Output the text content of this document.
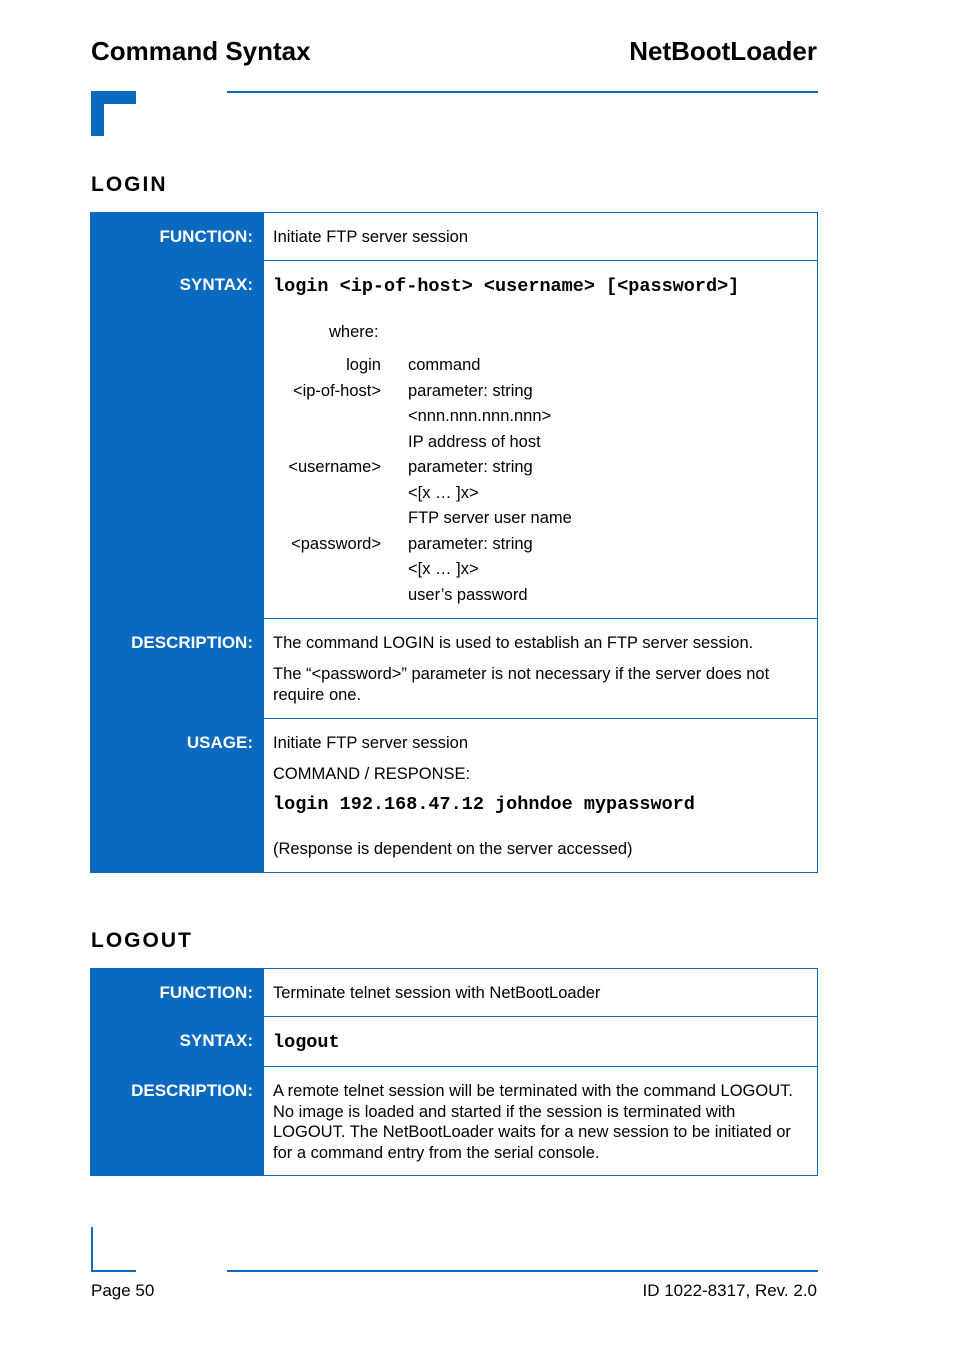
Command Syntax	NetBootLoader
LOGIN
FUNCTION:	Initiate FTP server session
SYNTAX:	login <ip-of-host> <username> [<password>]
where:
login	command

<ip-of-host>	parameter: string
<nnn.nnn.nnn.nnn>
IP address of host

<username>	parameter: string
<[x … ]x>
FTP server user name

<password>	parameter: string
<[x … ]x>
user’s password

DESCRIPTION:	The command LOGIN is used to establish an FTP server session.

The “<password>” parameter is not necessary if the server does not require one.

USAGE:	Initiate FTP server session

COMMAND / RESPONSE:

login 192.168.47.12 johndoe mypassword

(Response is dependent on the server accessed)

LOGOUT
FUNCTION:	Terminate telnet session with NetBootLoader
SYNTAX:	logout

DESCRIPTION:	A remote telnet session will be terminated with the command LOGOUT. No image is loaded and started if the session is terminated with LOGOUT. The NetBootLoader waits for a new session to be initiated or for a command entry from the serial console.
Page 50	ID 1022-8317, Rev. 2.0
